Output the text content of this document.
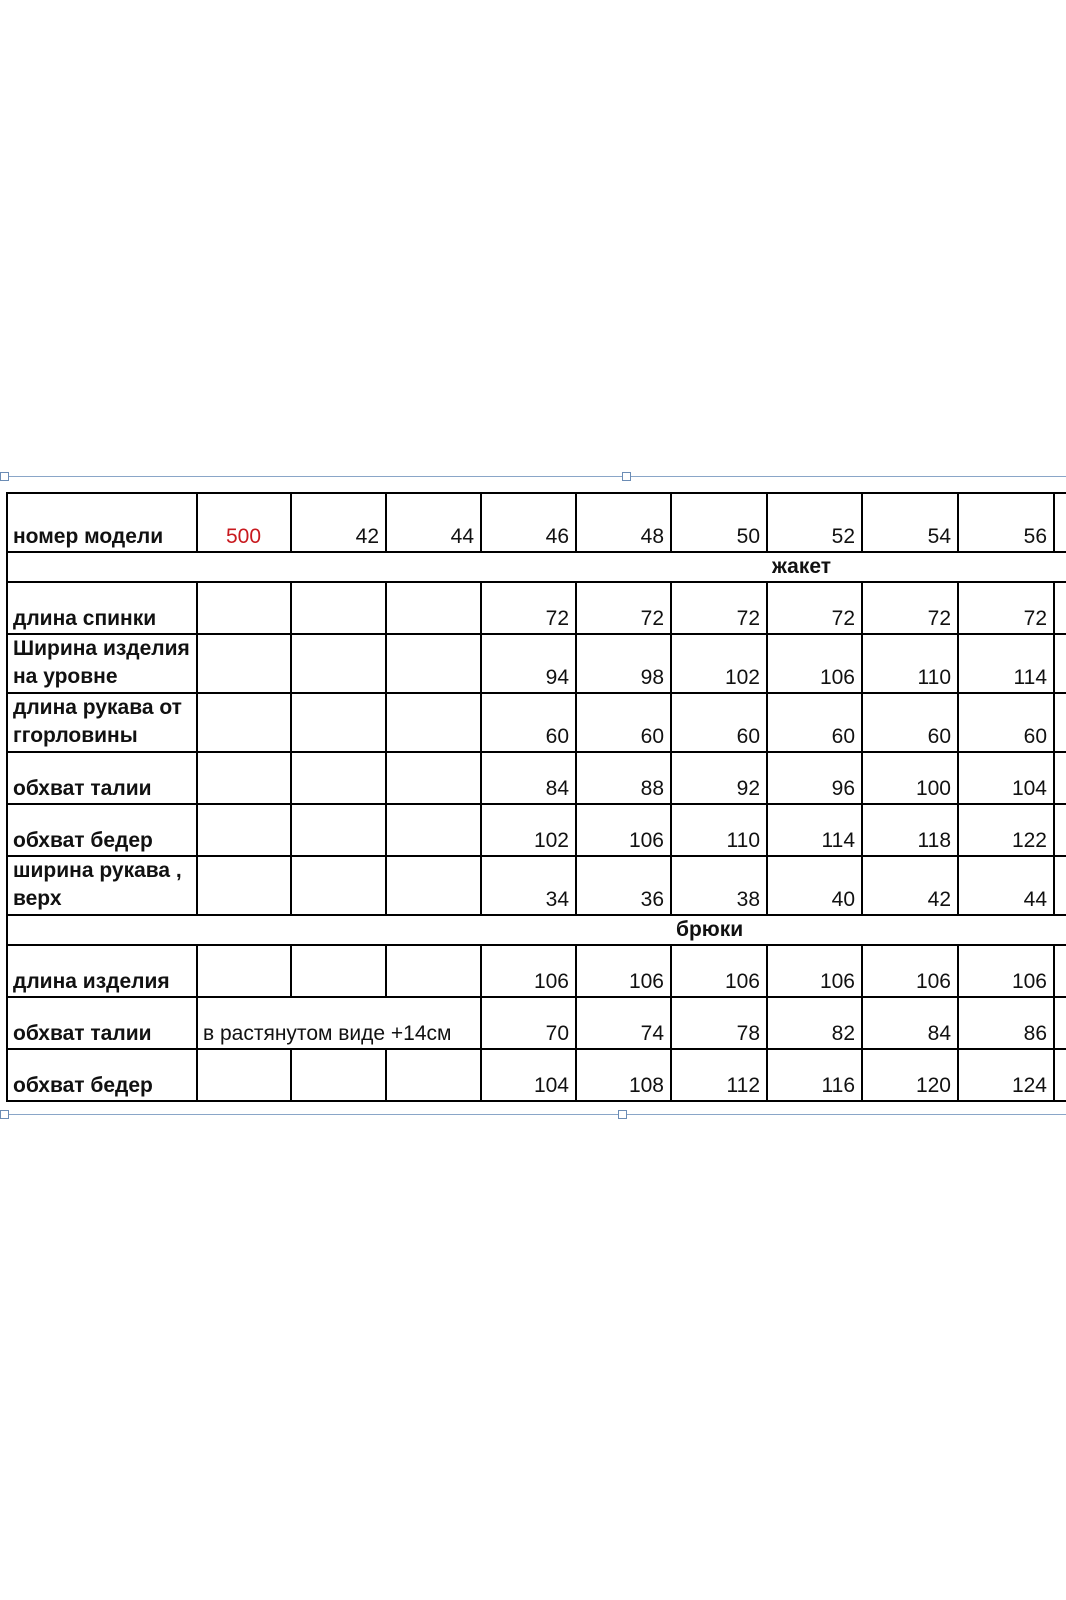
номер модели	500	42	44	46	48	50	52	54	56	
							жакет			
длина спинки				72	72	72	72	72	72	
Ширина изделия на уровне				94	98	102	106	110	114	
длина рукава от ггорловины				60	60	60	60	60	60	
обхват талии				84	88	92	96	100	104	
обхват бедер				102	106	110	114	118	122	
ширина рукава , верх				34	36	38	40	42	44	
						брюки				
длина изделия				106	106	106	106	106	106	
обхват талии	в растянутом виде +14см			70	74	78	82	84	86	
обхват бедер				104	108	112	116	120	124	
